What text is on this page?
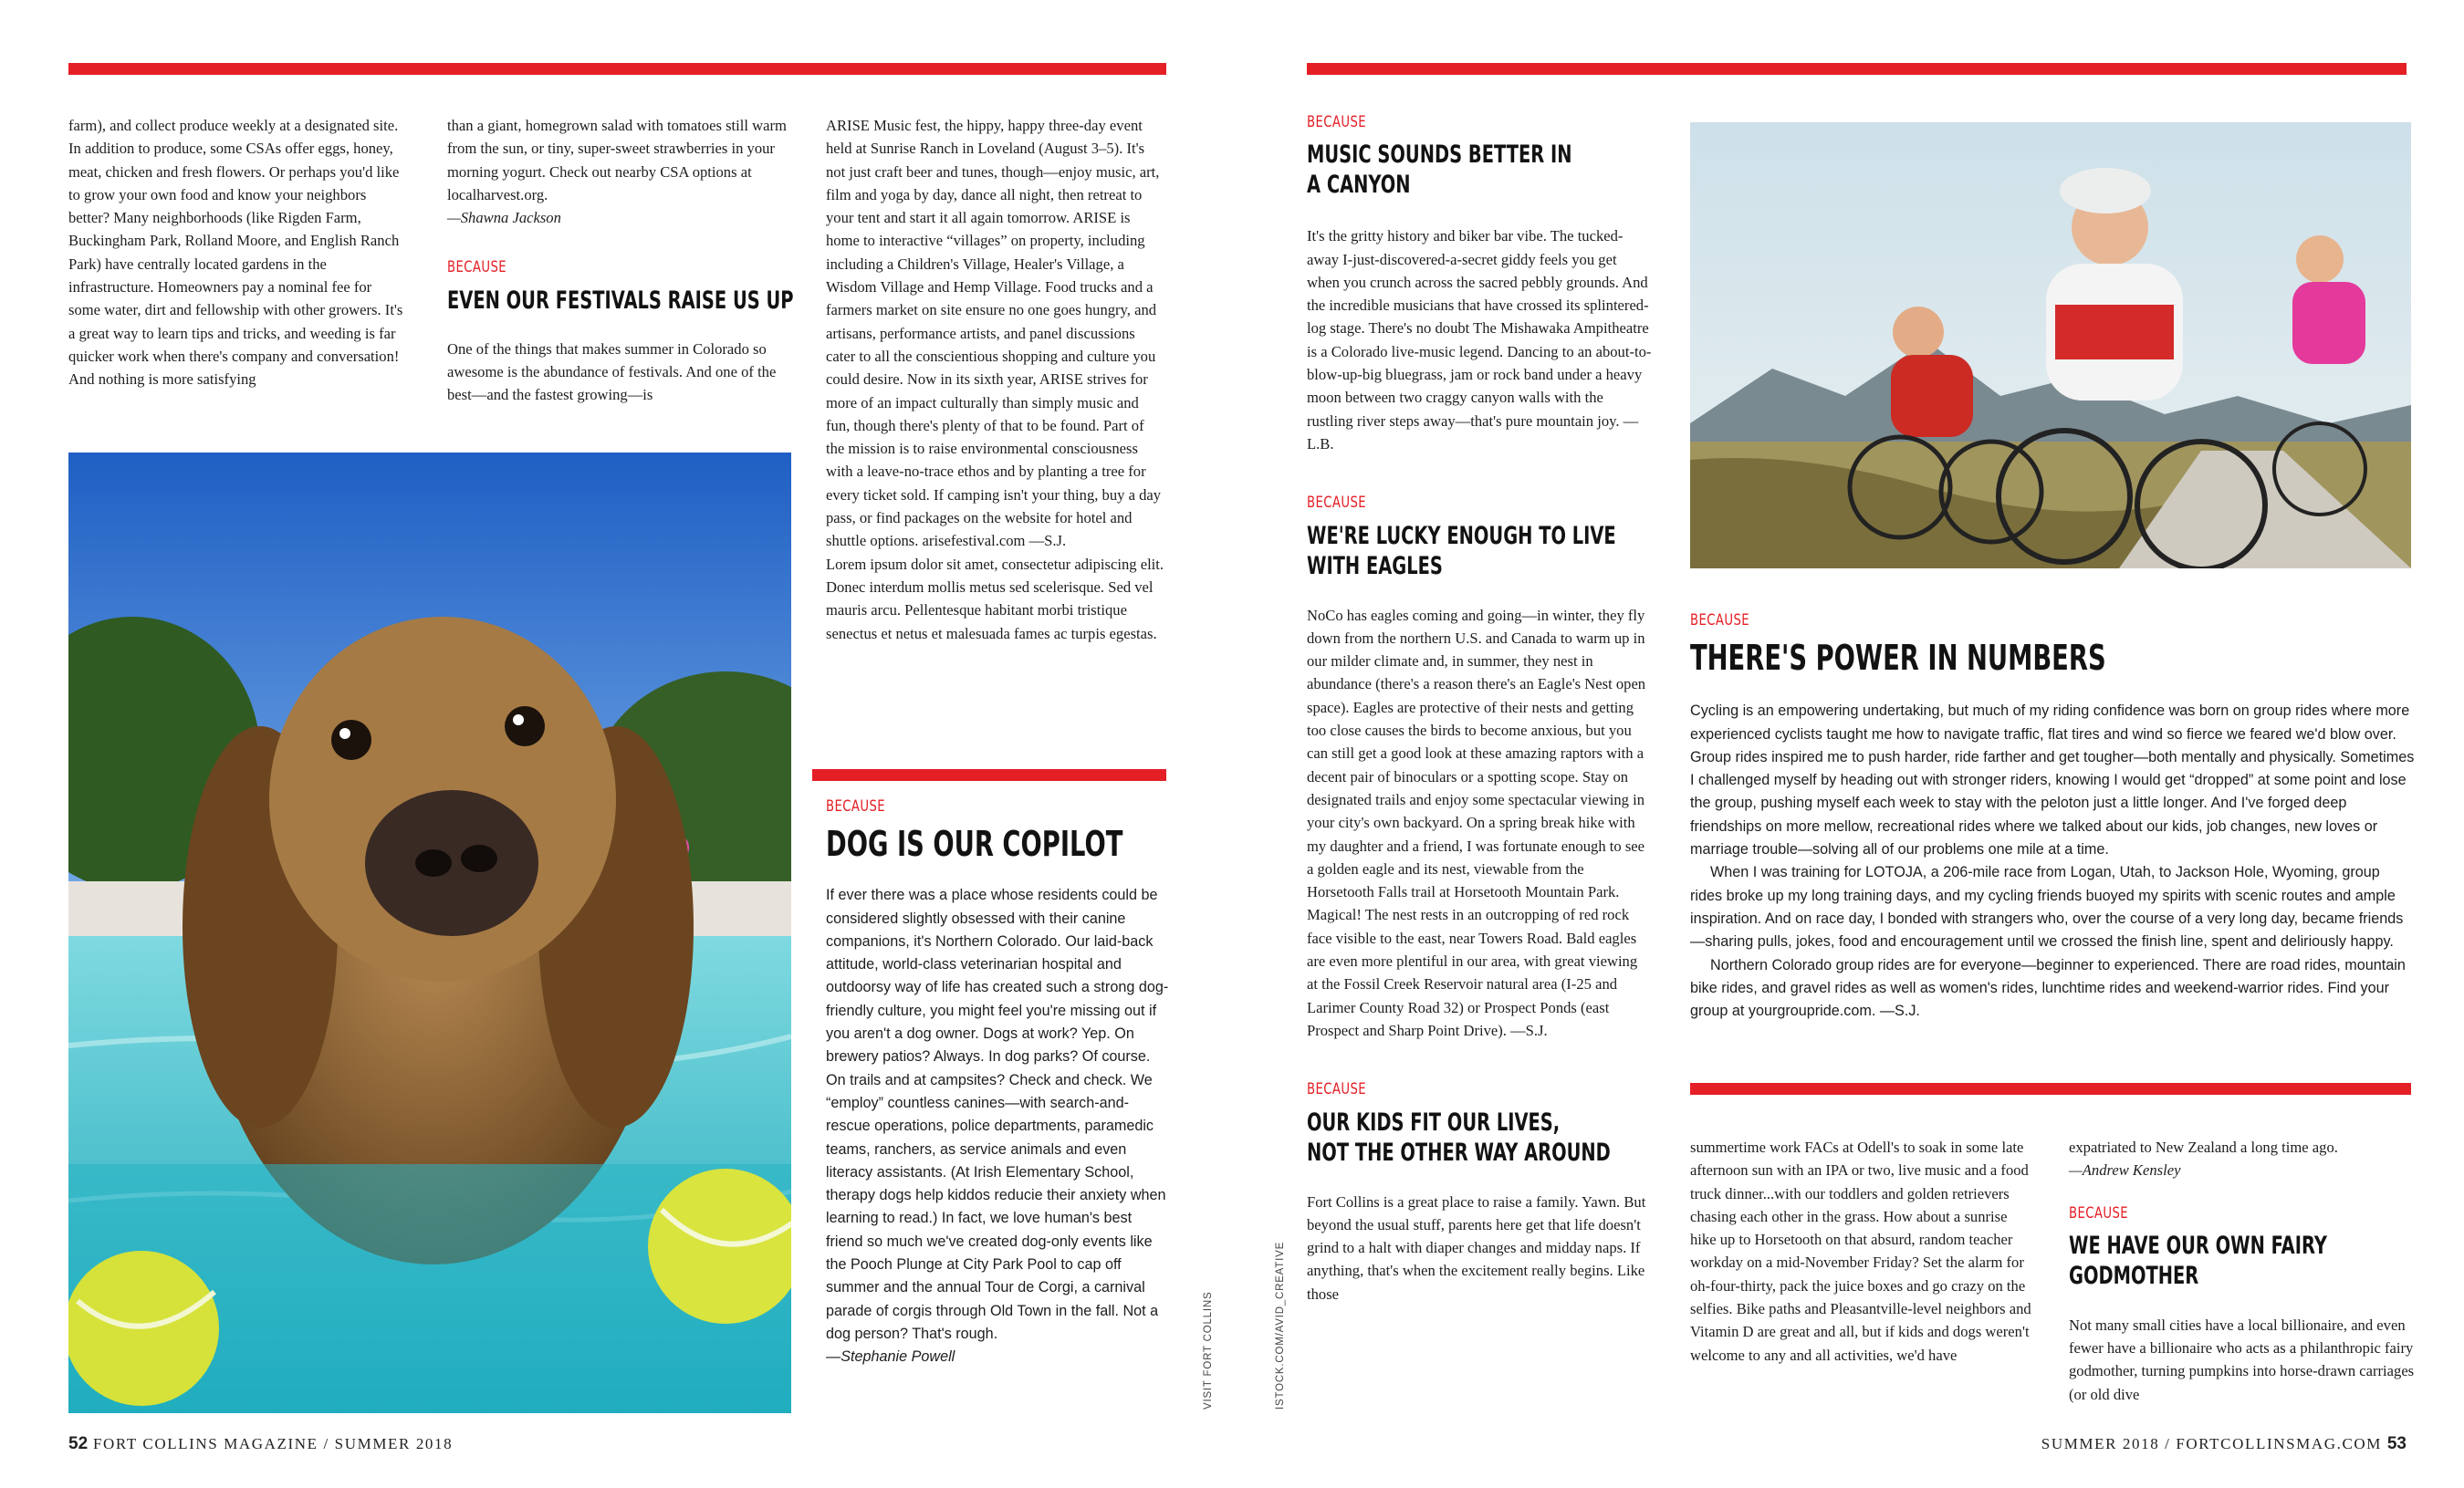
farm), and collect produce weekly at a designated site. In addition to produce, some CSAs offer eggs, honey, meat, chicken and fresh flowers. Or perhaps you'd like to grow your own food and know your neighbors better? Many neighborhoods (like Rigden Farm, Buckingham Park, Rolland Moore, and English Ranch Park) have centrally located gardens in the infrastructure. Homeowners pay a nominal fee for some water, dirt and fellowship with other growers. It's a great way to learn tips and tricks, and weeding is far quicker work when there's company and conversation! And nothing is more satisfying
than a giant, homegrown salad with tomatoes still warm from the sun, or tiny, super-sweet strawberries in your morning yogurt. Check out nearby CSA options at localharvest.org.
—Shawna Jackson
BECAUSE
EVEN OUR FESTIVALS RAISE US UP
One of the things that makes summer in Colorado so awesome is the abundance of festivals. And one of the best—and the fastest growing—is
ARISE Music fest, the hippy, happy three-day event held at Sunrise Ranch in Loveland (August 3–5). It's not just craft beer and tunes, though—enjoy music, art, film and yoga by day, dance all night, then retreat to your tent and start it all again tomorrow. ARISE is home to interactive “villages” on property, including including a Children's Village, Healer's Village, a Wisdom Village and Hemp Village. Food trucks and a farmers market on site ensure no one goes hungry, and artisans, performance artists, and panel discussions cater to all the conscientious shopping and culture you could desire. Now in its sixth year, ARISE strives for more of an impact culturally than simply music and fun, though there's plenty of that to be found. Part of the mission is to raise environmental consciousness with a leave-no-trace ethos and by planting a tree for every ticket sold. If camping isn't your thing, buy a day pass, or find packages on the website for hotel and shuttle options. arisefestival.com —S.J.
Lorem ipsum dolor sit amet, consectetur adipiscing elit. Donec interdum mollis metus sed scelerisque. Sed vel mauris arcu. Pellentesque habitant morbi tristique senectus et netus et malesuada fames ac turpis egestas.
BECAUSE
DOG IS OUR COPILOT
If ever there was a place whose residents could be considered slightly obsessed with their canine companions, it's Northern Colorado. Our laid-back attitude, world-class veterinarian hospital and outdoorsy way of life has created such a strong dog-friendly culture, you might feel you're missing out if you aren't a dog owner. Dogs at work? Yep. On brewery patios? Always. In dog parks? Of course. On trails and at campsites? Check and check. We “employ” countless canines—with search-and-rescue operations, police departments, paramedic teams, ranchers, as service animals and even literacy assistants. (At Irish Elementary School, therapy dogs help kiddos reducie their anxiety when learning to read.) In fact, we love human's best friend so much we've created dog-only events like the Pooch Plunge at City Park Pool to cap off summer and the annual Tour de Corgi, a carnival parade of corgis through Old Town in the fall. Not a dog person? That's rough.
—Stephanie Powell	VISIT FORT COLLINS	ISTOCK.COM/AVID_CREATIVE
BECAUSE
MUSIC SOUNDS BETTER IN
A CANYON
It's the gritty history and biker bar vibe. The tucked-away I-just-discovered-a-secret giddy feels you get when you crunch across the sacred pebbly grounds. And the incredible musicians that have crossed its splintered-log stage. There's no doubt The Mishawaka Ampitheatre is a Colorado live-music legend. Dancing to an about-to-blow-up-big bluegrass, jam or rock band under a heavy moon between two craggy canyon walls with the rustling river steps away—that's pure mountain joy. —L.B.
BECAUSE
WE'RE LUCKY ENOUGH TO LIVE
WITH EAGLES
NoCo has eagles coming and going—in winter, they fly down from the northern U.S. and Canada to warm up in our milder climate and, in summer, they nest in abundance (there's a reason there's an Eagle's Nest open space). Eagles are protective of their nests and getting too close causes the birds to become anxious, but you can still get a good look at these amazing raptors with a decent pair of binoculars or a spotting scope. Stay on designated trails and enjoy some spectacular viewing in your city's own backyard. On a spring break hike with my daughter and a friend, I was fortunate enough to see a golden eagle and its nest, viewable from the Horsetooth Falls trail at Horsetooth Mountain Park. Magical! The nest rests in an outcropping of red rock face visible to the east, near Towers Road. Bald eagles are even more plentiful in our area, with great viewing at the Fossil Creek Reservoir natural area (I-25 and Larimer County Road 32) or Prospect Ponds (east Prospect and Sharp Point Drive). —S.J.
BECAUSE
OUR KIDS FIT OUR LIVES,
NOT THE OTHER WAY AROUND
Fort Collins is a great place to raise a family. Yawn. But beyond the usual stuff, parents here get that life doesn't grind to a halt with diaper changes and midday naps. If anything, that's when the excitement really begins. Like those
BECAUSE
THERE'S POWER IN NUMBERS
Cycling is an empowering undertaking, but much of my riding confidence was born on group rides where more experienced cyclists taught me how to navigate traffic, flat tires and wind so fierce we feared we'd blow over. Group rides inspired me to push harder, ride farther and get tougher—both mentally and physically. Sometimes I challenged myself by heading out with stronger riders, knowing I would get “dropped” at some point and lose the group, pushing myself each week to stay with the peloton just a little longer. And I've forged deep friendships on more mellow, recreational rides where we talked about our kids, job changes, new loves or marriage trouble—solving all of our problems one mile at a time.
When I was training for LOTOJA, a 206-mile race from Logan, Utah, to Jackson Hole, Wyoming, group rides broke up my long training days, and my cycling friends buoyed my spirits with scenic routes and ample inspiration. And on race day, I bonded with strangers who, over the course of a very long day, became friends—sharing pulls, jokes, food and encouragement until we crossed the finish line, spent and deliriously happy.
Northern Colorado group rides are for everyone—beginner to experienced. There are road rides, mountain bike rides, and gravel rides as well as women's rides, lunchtime rides and weekend-warrior rides. Find your group at yourgroupride.com. —S.J.
summertime work FACs at Odell's to soak in some late afternoon sun with an IPA or two, live music and a food truck dinner...with our toddlers and golden retrievers chasing each other in the grass. How about a sunrise hike up to Horsetooth on that absurd, random teacher workday on a mid-November Friday? Set the alarm for oh-four-thirty, pack the juice boxes and go crazy on the selfies. Bike paths and Pleasantville-level neighbors and Vitamin D are great and all, but if kids and dogs weren't welcome to any and all activities, we'd have
expatriated to New Zealand a long time ago.
—Andrew Kensley
BECAUSE
WE HAVE OUR OWN FAIRY
GODMOTHER
Not many small cities have a local billionaire, and even fewer have a billionaire who acts as a philanthropic fairy godmother, turning pumpkins into horse-drawn carriages (or old dive
52 FORT COLLINS MAGAZINE / SUMMER 2018	SUMMER 2018 / FORTCOLLINSMAG.COM 53
